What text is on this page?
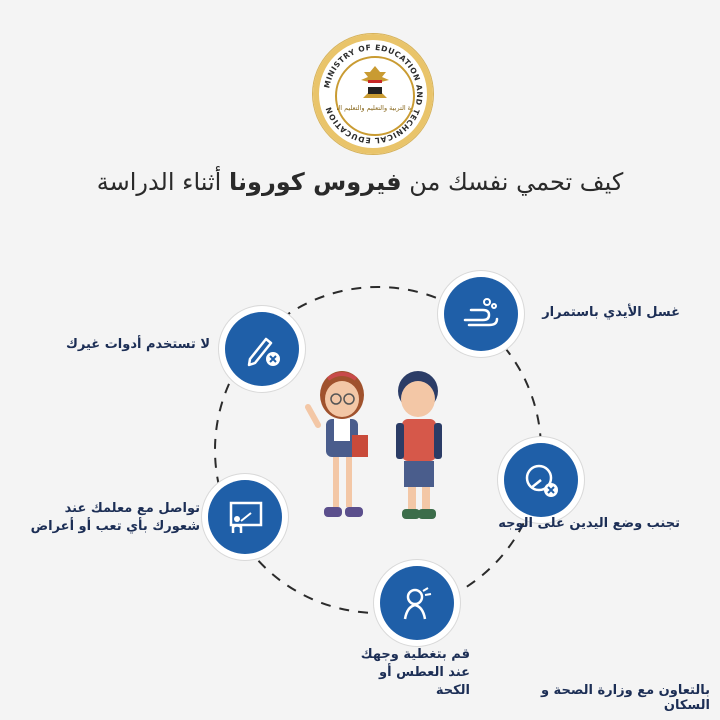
MINISTRY OF EDUCATION AND TECHNICAL EDUCATION	رة التربية والتعليم والتعليم ال
كيف تحمي نفسك من فيروس كورونا أثناء الدراسة
غسل الأيدي باستمرار
تجنب وضع اليدين على الوجه
قم بتغطية وجهك
عند العطس أو الكحة
تواصل مع معلمك عند
شعورك بأي تعب أو أعراض
لا تستخدم أدوات غيرك
بالتعاون مع وزارة الصحة و السكان
